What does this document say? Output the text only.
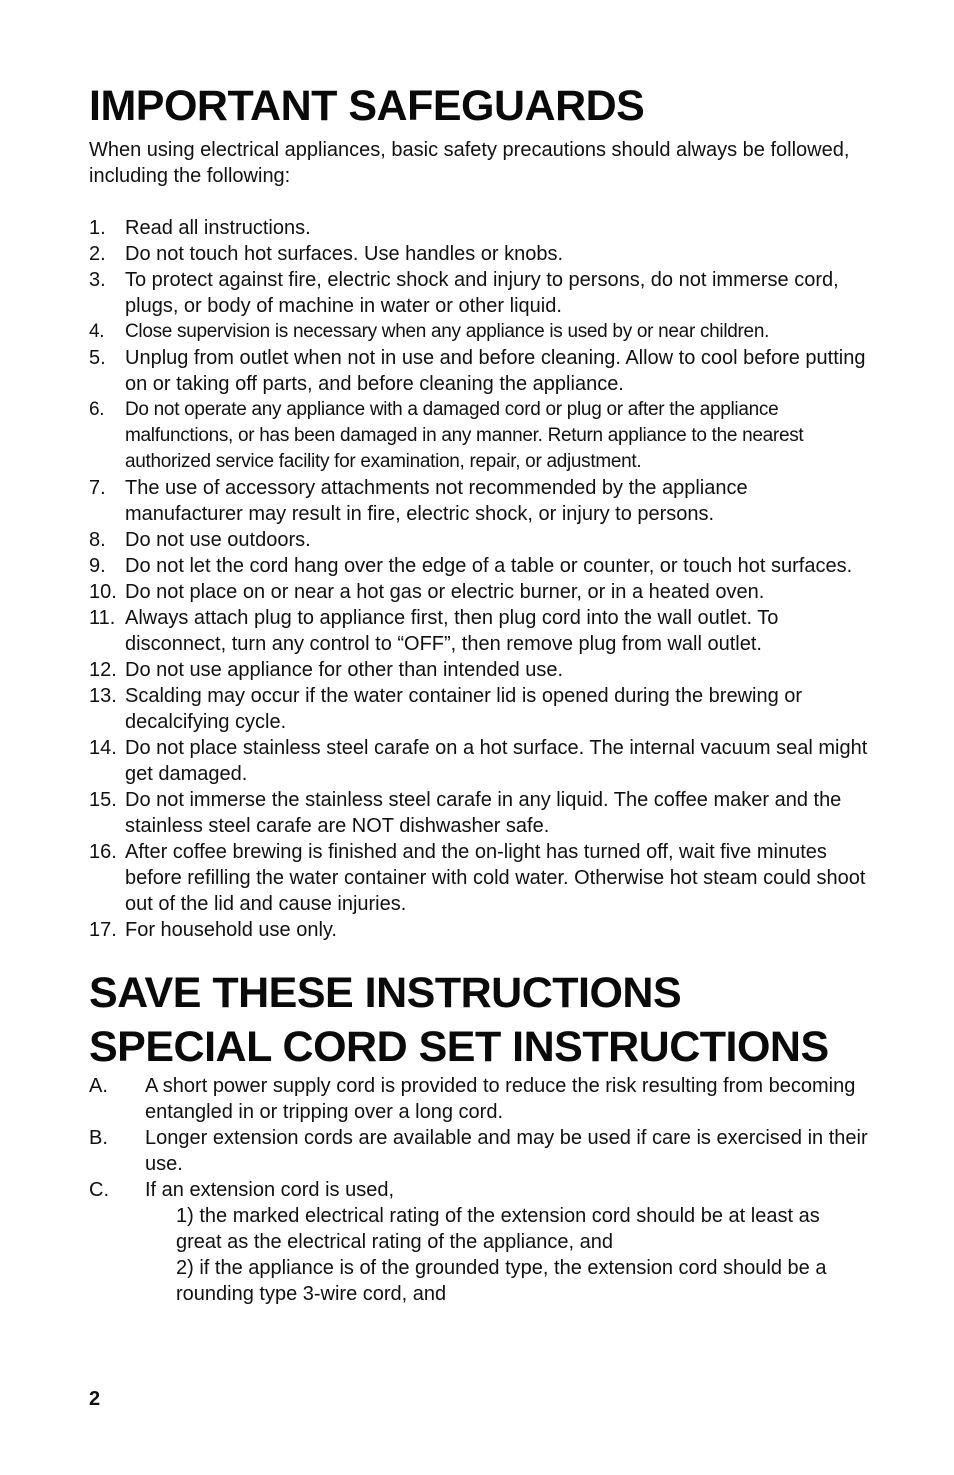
IMPORTANT SAFEGUARDS

When using electrical appliances, basic safety precautions should always be followed, including the following:

1. Read all instructions.
2. Do not touch hot surfaces. Use handles or knobs.
3. To protect against fire, electric shock and injury to persons, do not immerse cord, plugs, or body of machine in water or other liquid.
4. Close supervision is necessary when any appliance is used by or near children.
5. Unplug from outlet when not in use and before cleaning. Allow to cool before putting on or taking off parts, and before cleaning the appliance.
6. Do not operate any appliance with a damaged cord or plug or after the appliance malfunctions, or has been damaged in any manner. Return appliance to the nearest authorized service facility for examination, repair, or adjustment.
7. The use of accessory attachments not recommended by the appliance manufacturer may result in fire, electric shock, or injury to persons.
8. Do not use outdoors.
9. Do not let the cord hang over the edge of a table or counter, or touch hot surfaces.
10. Do not place on or near a hot gas or electric burner, or in a heated oven.
11. Always attach plug to appliance first, then plug cord into the wall outlet. To disconnect, turn any control to “OFF”, then remove plug from wall outlet.
12. Do not use appliance for other than intended use.
13. Scalding may occur if the water container lid is opened during the brewing or decalcifying cycle.
14. Do not place stainless steel carafe on a hot surface. The internal vacuum seal might get damaged.
15. Do not immerse the stainless steel carafe in any liquid. The coffee maker and the stainless steel carafe are NOT dishwasher safe.
16. After coffee brewing is finished and the on-light has turned off, wait five minutes before refilling the water container with cold water. Otherwise hot steam could shoot out of the lid and cause injuries.
17. For household use only.
SAVE THESE INSTRUCTIONS
SPECIAL CORD SET INSTRUCTIONS
A. A short power supply cord is provided to reduce the risk resulting from becoming entangled in or tripping over a long cord.
B. Longer extension cords are available and may be used if care is exercised in their use.
C. If an extension cord is used,
1) the marked electrical rating of the extension cord should be at least as great as the electrical rating of the appliance, and
2) if the appliance is of the grounded type, the extension cord should be a rounding type 3-wire cord, and
2
